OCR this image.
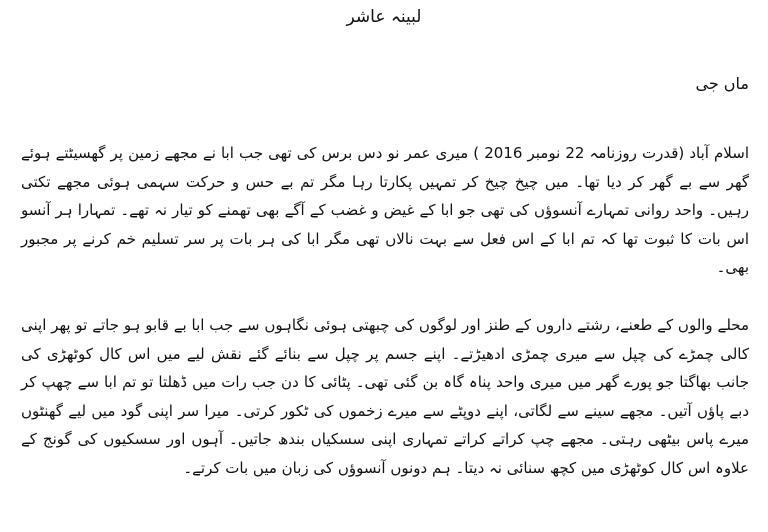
لبینہ عاشر
ماں جی

اسلام آباد (قدرت روزنامہ 22 نومبر 2016 ) میری عمر نو دس برس کی تھی جب ابا نے مجھے زمین پر گھسیٹتے ہوئے گھر سے بے گھر کر دیا تھا۔ میں چیخ چیخ کر تمہیں پکارتا رہا مگر تم بے حس و حرکت سہمی ہوئی مجھے تکتی رہیں۔ واحد روانی تمہارے آنسوؤں کی تھی جو ابا کے غیض و غضب کے آگے بھی تھمنے کو تیار نہ تھے۔ تمہارا ہر آنسو اس بات کا ثبوت تھا کہ تم ابا کے اس فعل سے بہت نالاں تھی مگر ابا کی ہر بات پر سر تسلیم خم کرنے پر مجبور بھی۔

محلے والوں کے طعنے، رشتے داروں کے طنز اور لوگوں کی چبھتی ہوئی نگاہوں سے جب ابا بے قابو ہو جاتے تو پھر اپنی کالی چمڑے کی چپل سے میری چمڑی ادھیڑتے۔ اپنے جسم پر چپل سے بنائے گئے نقش لیے میں اس کال کوٹھڑی کی جانب بھاگتا جو پورے گھر میں میری واحد پناہ گاہ بن گئی تھی۔ پٹائی کا دن جب رات میں ڈھلتا تو تم ابا سے چھپ کر دبے پاؤں آتیں۔ مجھے سینے سے لگاتی، اپنے دوپٹے سے میرے زخموں کی ٹکور کرتی۔ میرا سر اپنی گود میں لیے گھنٹوں میرے پاس بیٹھی رہتی۔ مجھے چپ کراتے کراتے تمہاری اپنی سسکیاں بندھ جاتیں۔ آہوں اور سسکیوں کی گونج کے علاوہ اس کال کوٹھڑی میں کچھ سنائی نہ دیتا۔ ہم دونوں آنسوؤں کی زبان میں بات کرتے۔
